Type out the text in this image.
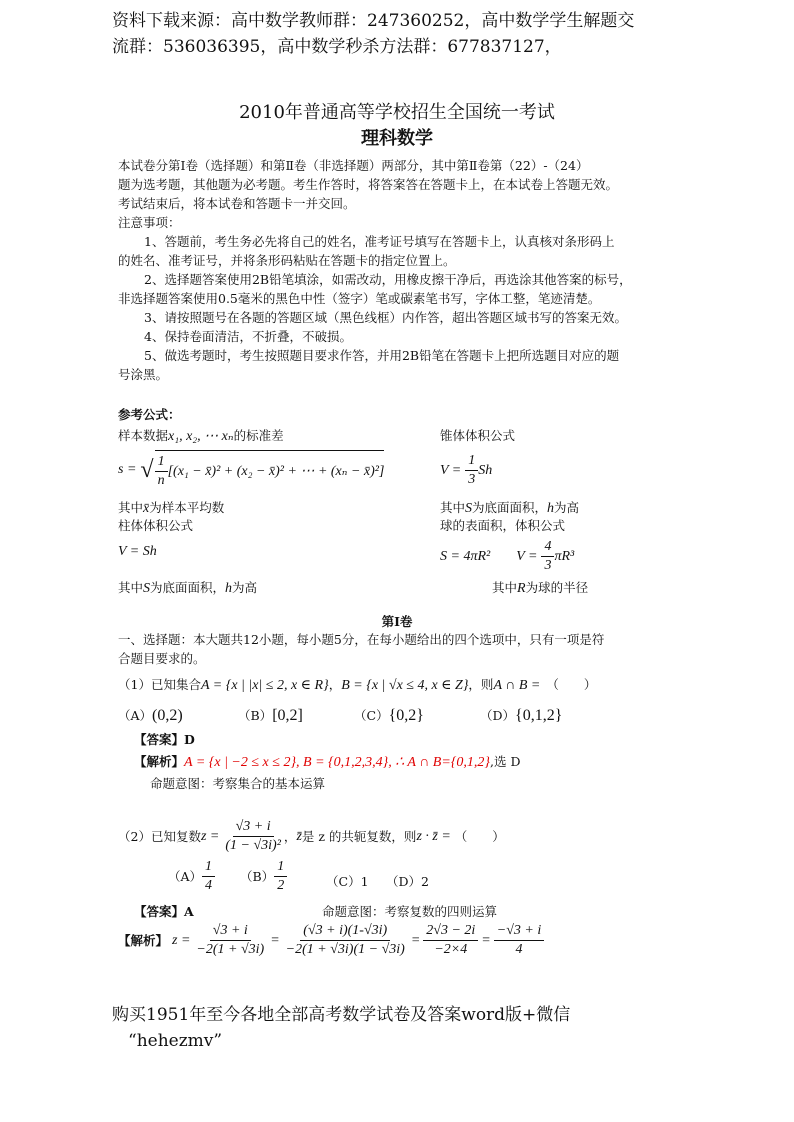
资料下载来源：高中数学教师群：247360252，高中数学学生解题交
流群：536036395，高中数学秒杀方法群：677837127，
2010年普通高等学校招生全国统一考试
理科数学
本试卷分第Ⅰ卷（选择题）和第Ⅱ卷（非选择题）两部分，其中第Ⅱ卷第（22）-（24）
题为选考题，其他题为必考题。考生作答时，将答案答在答题卡上，在本试卷上答题无效。
考试结束后，将本试卷和答题卡一并交回。
注意事项：
1、答题前，考生务必先将自己的姓名，准考证号填写在答题卡上，认真核对条形码上
的姓名、准考证号，并将条形码粘贴在答题卡的指定位置上。
2、选择题答案使用2B铅笔填涂，如需改动，用橡皮擦干净后，再选涂其他答案的标号，
非选择题答案使用0.5毫米的黑色中性（签字）笔或碳素笔书写，字体工整，笔迹清楚。
3、请按照题号在各题的答题区域（黑色线框）内作答，超出答题区域书写的答案无效。
4、保持卷面清洁，不折叠，不破损。
5、做选考题时，考生按照题目要求作答，并用2B铅笔在答题卡上把所选题目对应的题
号涂黑。
参考公式：
样本数据x₁, x₂, ⋯ xₙ的标准差	锥体体积公式
s = √ $\frac{1}{n} [(x_1$ − x̄)² + (x₂ − x̄)² + ⋯ + (xₙ − x̄)²]	$V = \frac{1}{3}$ Sh
其中x̄为样本平均数	其中S为底面面积，h为高
柱体体积公式	球的表面积，体积公式
V = Sh	S = 4πR² $V = \frac{4}{3} \pi R^3$
其中S为底面面积，h为高	其中R为球的半径
第Ⅰ卷
一、选择题：本大题共12小题，每小题5分，在每小题给出的四个选项中，只有一项是符
合题目要求的。
（1）已知集合A = {x | |x| ≤ 2, x ∈ R}，B = {x | √x ≤ 4, x ∈ Z}，则A ∩ B = （　　）
（A）(0,2)	（B）[0,2]	（C）{0,2}	（D）{0,1,2}
【答案】D
【解析】A = {x | −2 ≤ x ≤ 2}, B = {0,1,2,3,4}, ∴ A ∩ B={0,1,2},选 D
命题意图：考察集合的基本运算
（2）已知复数 $z = \frac{√3 + i}{\text{(1 − √3i)²}}$ ， z̄ 是 z 的共轭复数，则 z · z̄ = （　　）
$(A) \frac{1}{4} (B) \frac{1}{2}$	（C）1 （D）2
【答案】A	命题意图：考察复数的四则运算
【解析】 $z = \frac{√3 + i}{-2(1 + √3i)} = \frac{(√3 + i)(1-√3i)}{-2(1 + √3i)(1 - √3i)} = \frac{2√3 - 2i}{-2\times 4} = \frac{-√3 + i}{4}$
购买1951年至今各地全部高考数学试卷及答案word版+微信
“hehezmv”
